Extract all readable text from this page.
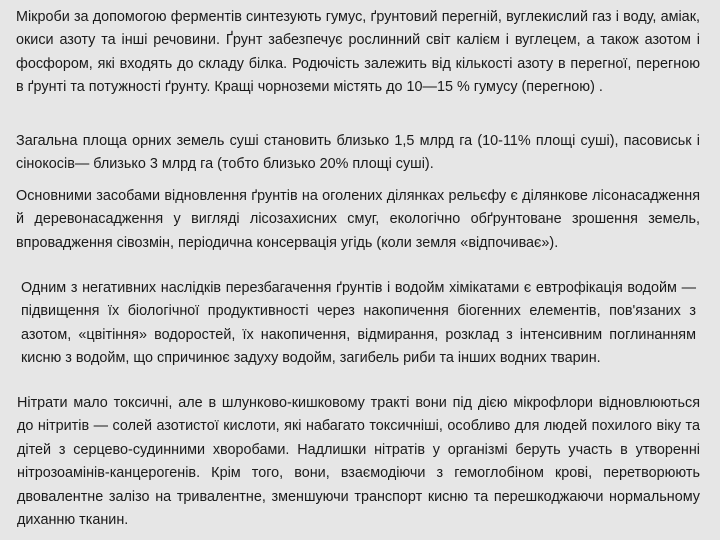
Мікроби за допомогою ферментів синтезують гумус, ґрунтовий перегній, вуглекислий газ і воду, аміак, окиси азоту та інші речовини. Ґрунт забезпечує рослинний світ калієм і вуглецем, а також азотом і фосфором, які входять до складу білка. Родючість залежить від кількості азоту в перегної, перегною в ґрунті та потужності ґрунту. Кращі чорноземи містять до 10—15 % гумусу (перегною) .

Загальна площа орних земель суші становить близько 1,5 млрд га (10-11% площі суші), пасовиськ і сінокосів— близько 3 млрд га (тобто близько 20% площі суші).

Основними засобами відновлення ґрунтів на оголених ділянках рельєфу є ділянкове лісонасадження й деревонасадження у вигляді лісозахисних смуг, екологічно обґрунтоване зрошення земель, впровадження сівозмін, періодична консервація угідь (коли земля «відпочиває»).

Одним з негативних наслідків перезбагачення ґрунтів і водойм хімікатами є евтрофікація водойм — підвищення їх біологічної продуктивності через накопичення біогенних елементів, пов'язаних з азотом, «цвітіння» водоростей, їх накопичення, відмирання, розклад з інтенсивним поглинанням кисню з водойм, що спричинює задуху водойм, загибель риби та інших водних тварин.

Нітрати мало токсичні, але в шлунково-кишковому тракті вони під дією мікрофлори відновлюються до нітритів — солей азотистої кислоти, які набагато токсичніші, особливо для людей похилого віку та дітей з серцево-судинними хворобами. Надлишки нітратів у організмі беруть участь в утворенні нітрозоамінів-канцерогенів. Крім того, вони, взаємодіючи з гемоглобіном крові, перетворюють двовалентне залізо на тривалентне, зменшуючи транспорт кисню та перешкоджаючи нормальному диханню тканин.
